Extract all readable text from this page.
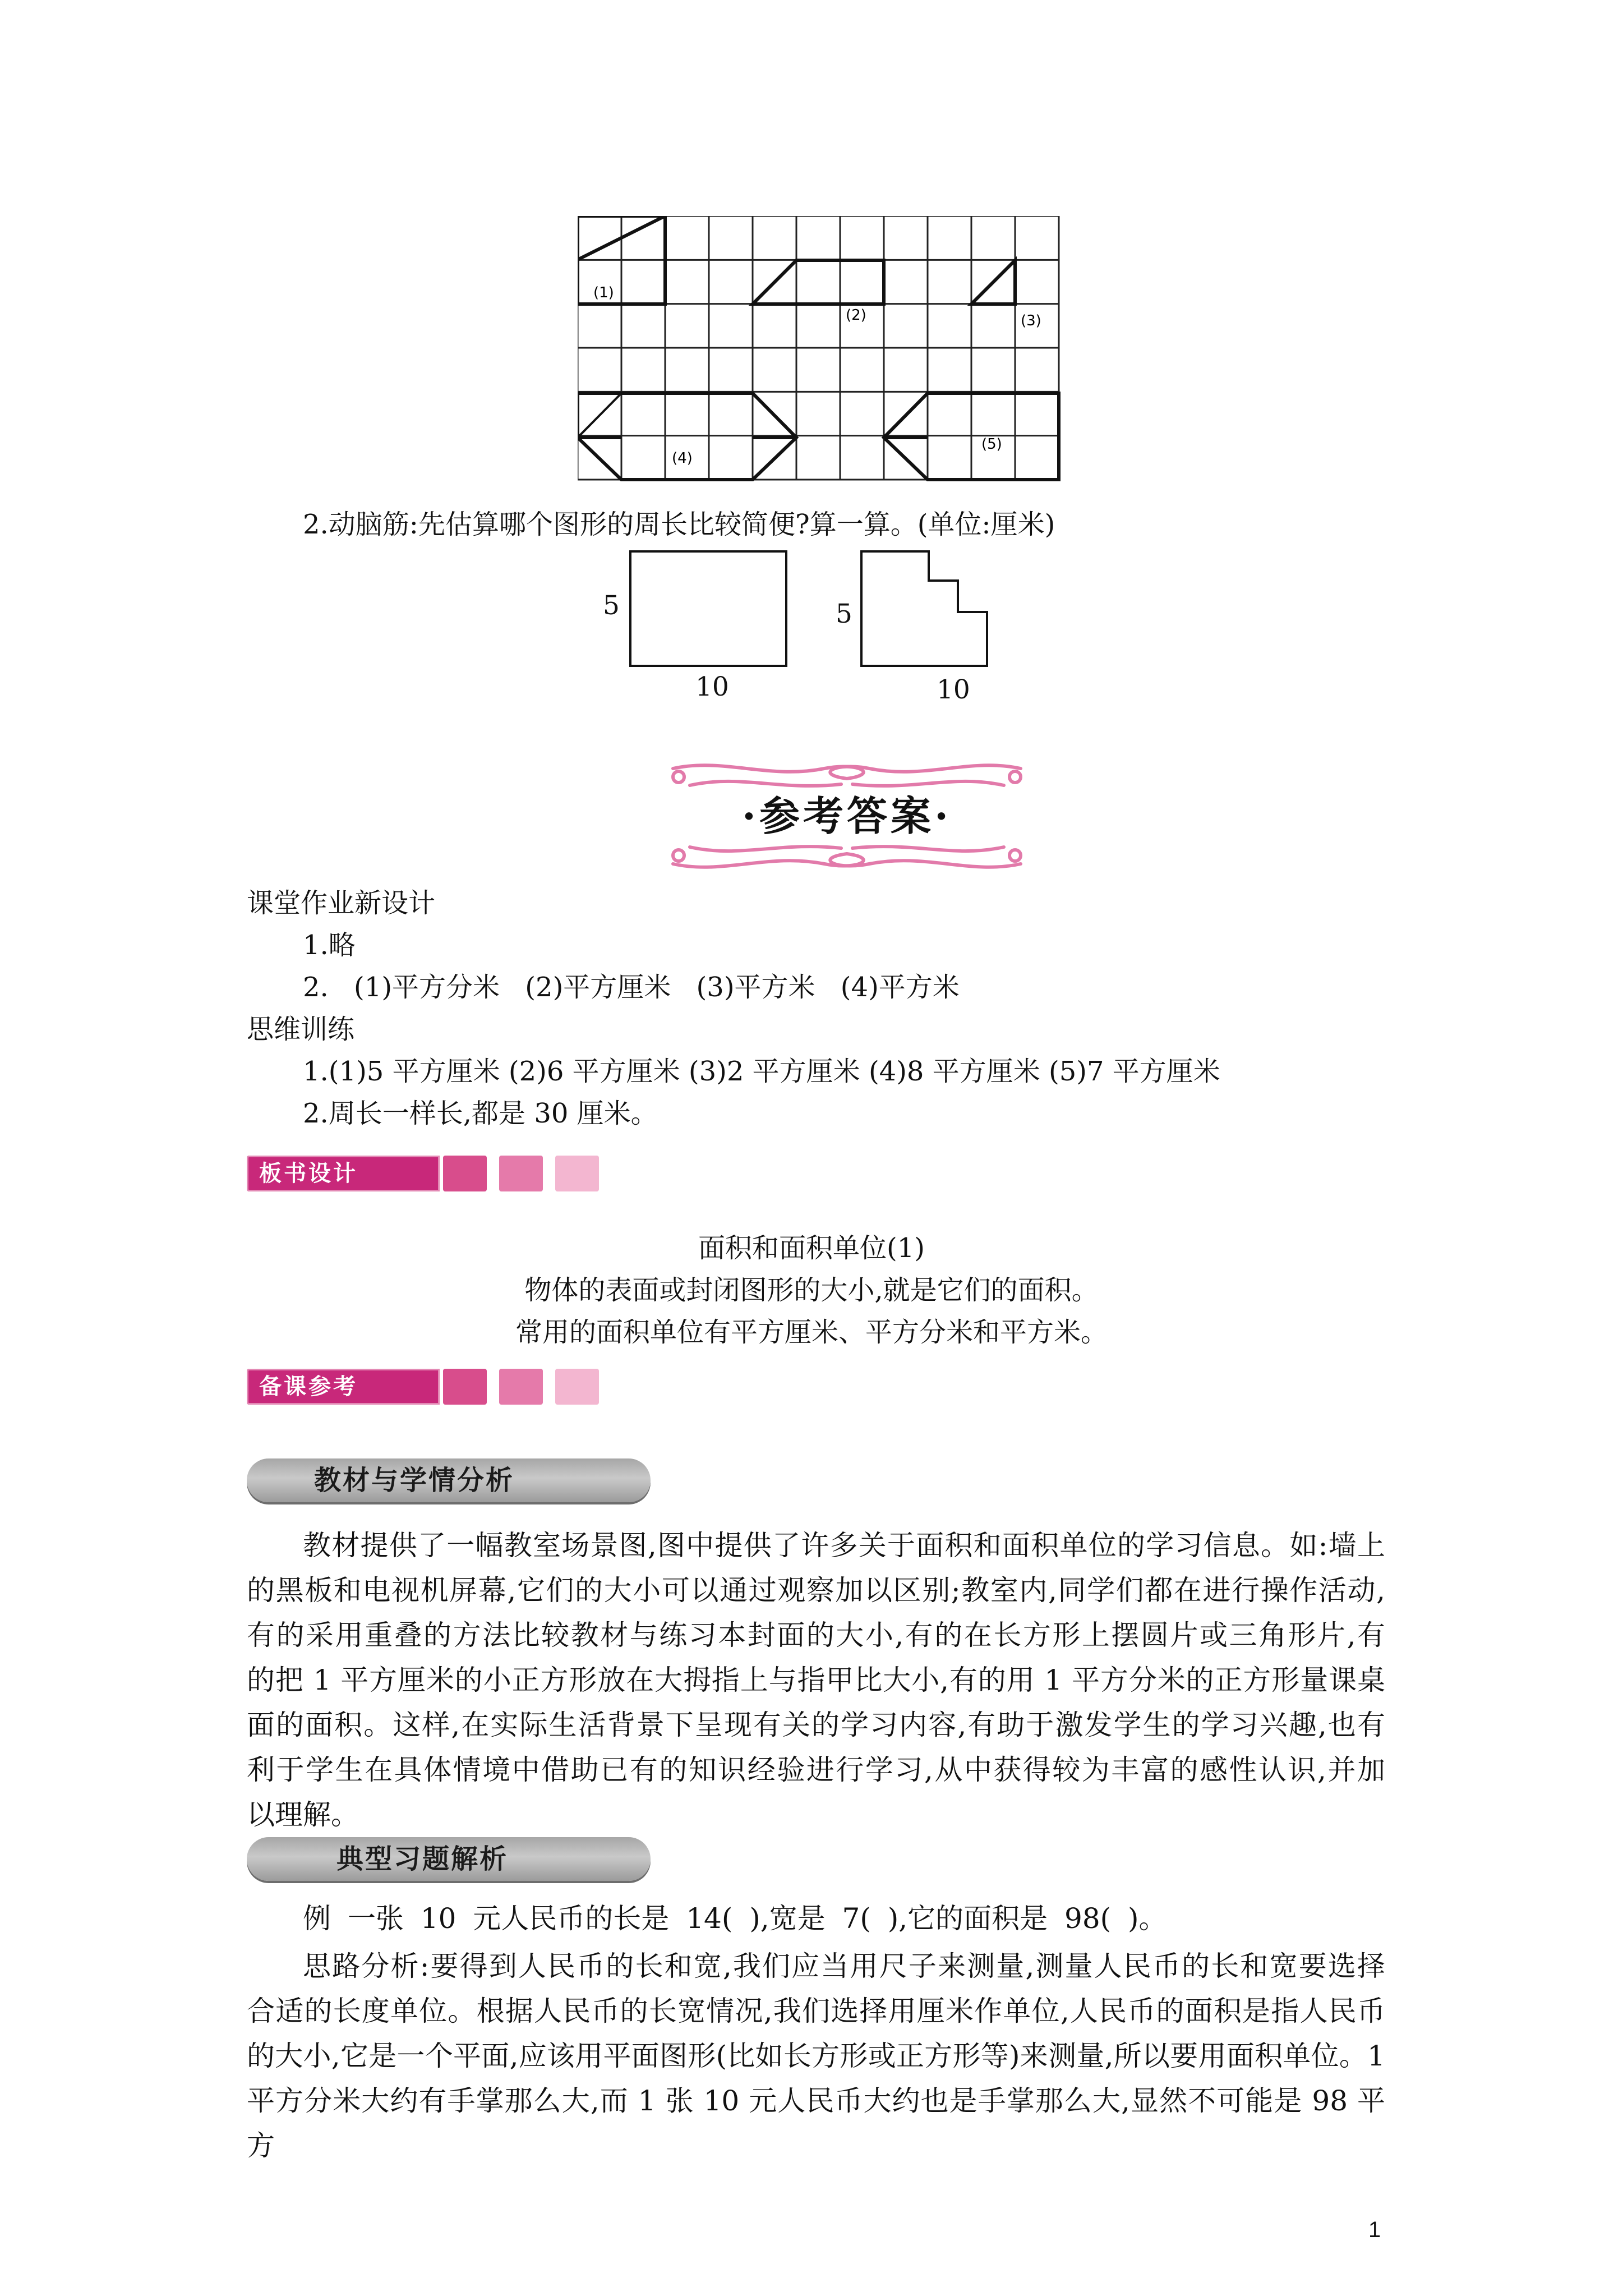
(1)
(2)	(3)
(4)
(5)
2.动脑筋:先估算哪个图形的周长比较简便?算一算。(单位:厘米)
5
10
5
10
·参考答案·
课堂作业新设计
1.略
2. (1)平方分米 (2)平方厘米 (3)平方米 (4)平方米
思维训练
1.(1)5 平方厘米 (2)6 平方厘米 (3)2 平方厘米 (4)8 平方厘米 (5)7 平方厘米
2.周长一样长,都是 30 厘米。
板书设计
面积和面积单位(1)
物体的表面或封闭图形的大小,就是它们的面积。
常用的面积单位有平方厘米、平方分米和平方米。
备课参考
教材与学情分析
教材提供了一幅教室场景图,图中提供了许多关于面积和面积单位的学习信息。如:墙上
的黑板和电视机屏幕,它们的大小可以通过观察加以区别;教室内,同学们都在进行操作活动,
有的采用重叠的方法比较教材与练习本封面的大小,有的在长方形上摆圆片或三角形片,有
的把 1 平方厘米的小正方形放在大拇指上与指甲比大小,有的用 1 平方分米的正方形量课桌
面的面积。这样,在实际生活背景下呈现有关的学习内容,有助于激发学生的学习兴趣,也有
利于学生在具体情境中借助已有的知识经验进行学习,从中获得较为丰富的感性认识,并加
以理解。
典型习题解析
例 一张 10 元人民币的长是 14( ),宽是 7( ),它的面积是 98( )。
思路分析:要得到人民币的长和宽,我们应当用尺子来测量,测量人民币的长和宽要选择
合适的长度单位。根据人民币的长宽情况,我们选择用厘米作单位,人民币的面积是指人民币
的大小,它是一个平面,应该用平面图形(比如长方形或正方形等)来测量,所以要用面积单位。1
平方分米大约有手掌那么大,而 1 张 10 元人民币大约也是手掌那么大,显然不可能是 98 平方
1
